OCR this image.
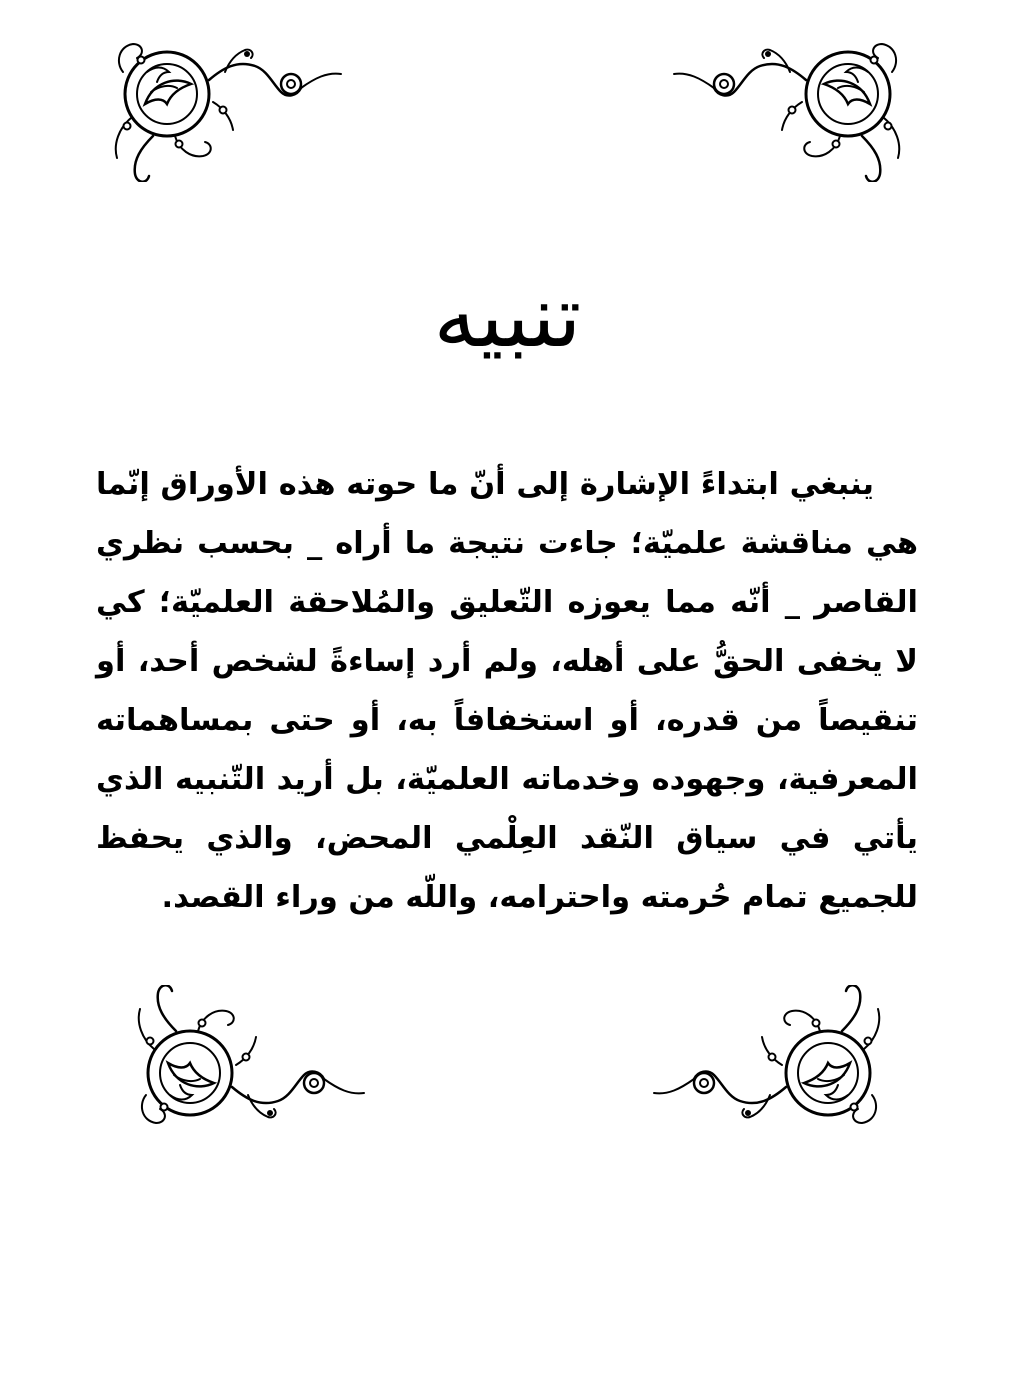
تنبيه

ينبغي ابتداءً الإشارة إلى أنّ ما حوته هذه الأوراق إنّما هي مناقشة علميّة؛ جاءت نتيجة ما أراه _ بحسب نظري القاصر _ أنّه مما يعوزه التّعليق والمُلاحقة العلميّة؛ كي لا يخفى الحقُّ على أهله، ولم أرد إساءةً لشخص أحد، أو تنقيصاً من قدره، أو استخفافاً به، أو حتى بمساهماته المعرفية، وجهوده وخدماته العلميّة، بل أريد التّنبيه الذي يأتي في سياق النّقد العِلْمي المحض، والذي يحفظ للجميع تمام حُرمته واحترامه، واللّه من وراء القصد.
